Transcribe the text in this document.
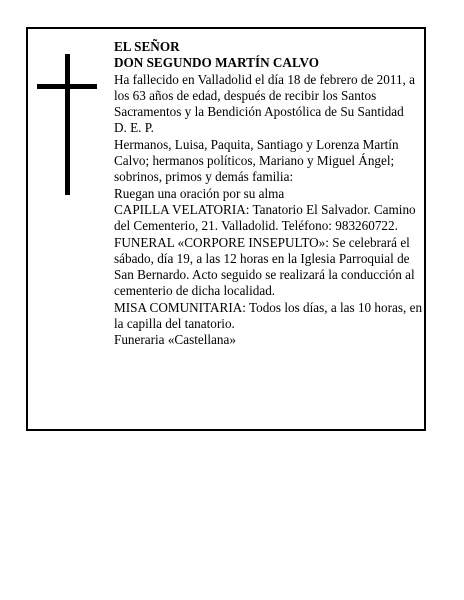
EL SEÑOR

DON SEGUNDO MARTÍN CALVO

Ha fallecido en Valladolid el día 18 de febrero de 2011, a los 63 años de edad, después de recibir los Santos Sacramentos y la Bendición Apostólica de Su Santidad

D. E. P.

Hermanos, Luisa, Paquita, Santiago y Lorenza Martín Calvo; hermanos políticos, Mariano y Miguel Ángel; sobrinos, primos y demás familia:

Ruegan una oración por su alma

CAPILLA VELATORIA: Tanatorio El Salvador. Camino del Cementerio, 21. Valladolid. Teléfono: 983260722.

FUNERAL «CORPORE INSEPULTO»: Se celebrará el sábado, día 19, a las 12 horas en la Iglesia Parroquial de San Bernardo. Acto seguido se realizará la conducción al cementerio de dicha localidad.

MISA COMUNITARIA: Todos los días, a las 10 horas, en la capilla del tanatorio.

Funeraria «Castellana»
